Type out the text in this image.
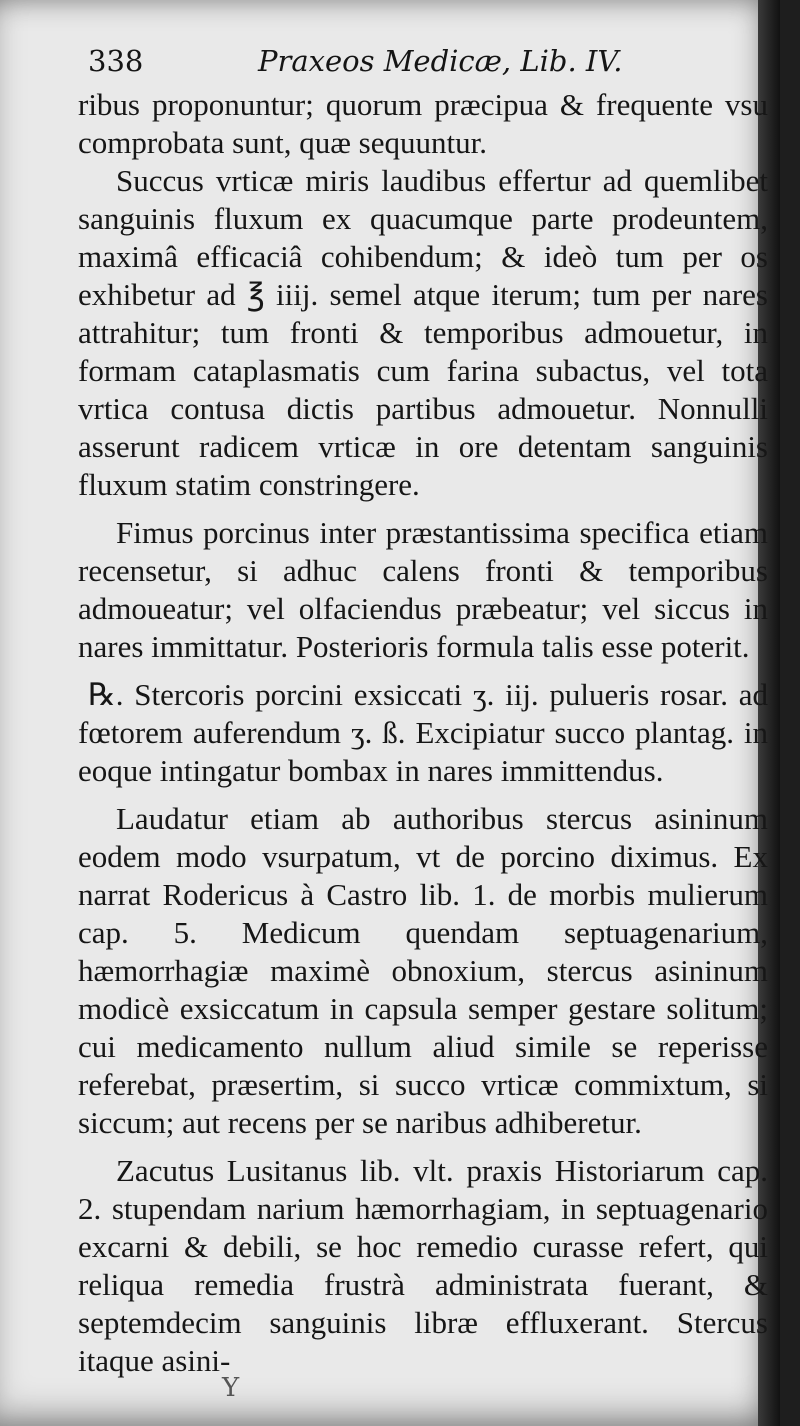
338	Praxeos Medicæ, Lib. IV.

ribus proponuntur; quorum præcipua & frequente vsu comprobata sunt, quæ sequuntur.

Succus vrticæ miris laudibus effertur ad quemlibet sanguinis fluxum ex quacumque parte prodeuntem, maximâ efficaciâ cohibendum; & ideò tum per os exhibetur ad ℥ iiij. semel atque iterum; tum per nares attrahitur; tum fronti & temporibus admouetur, in formam cataplasmatis cum farina subactus, vel tota vrtica contusa dictis partibus admouetur. Nonnulli asserunt radicem vrticæ in ore detentam sanguinis fluxum statim constringere.

Fimus porcinus inter præstantissima specifica etiam recensetur, si adhuc calens fronti & temporibus admoueatur; vel olfaciendus præbeatur; vel siccus in nares immittatur. Posterioris formula talis esse poterit.

℞. Stercoris porcini exsiccati ʒ. iij. pulueris rosar. ad fœtorem auferendum ʒ. ß. Excipiatur succo plantag. in eoque intingatur bombax in nares immittendus.

Laudatur etiam ab authoribus stercus asininum eodem modo vsurpatum, vt de porcino diximus. Ex narrat Rodericus à Castro lib. 1. de morbis mulierum cap. 5. Medicum quendam septuagenarium, hæmorrhagiæ maximè obnoxium, stercus asininum modicè exsiccatum in capsula semper gestare solitum; cui medicamento nullum aliud simile se reperisse referebat, præsertim, si succo vrticæ commixtum, si siccum; aut recens per se naribus adhiberetur.

Zacutus Lusitanus lib. vlt. praxis Historiarum cap. 2. stupendam narium hæmorrhagiam, in septuagenario excarni & debili, se hoc remedio curasse refert, qui reliqua remedia frustrà administrata fuerant, & septemdecim sanguinis libræ effluxerant. Stercus itaque asini-

Y
